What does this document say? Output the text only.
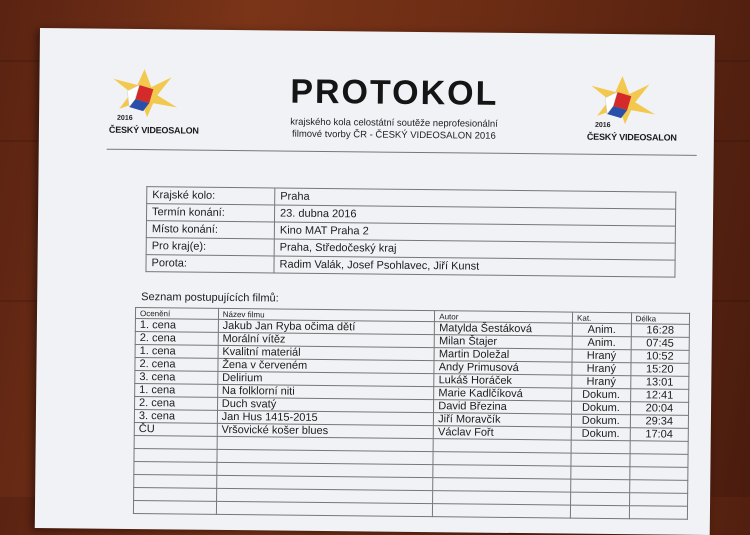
2016
ČESKÝ VIDEOSALON
PROTOKOL
krajského kola celostátní soutěže neprofesionální
filmové tvorby ČR - ČESKÝ VIDEOSALON 2016
2016
ČESKÝ VIDEOSALON
Krajské kolo:	Praha
Termín konání:	23. dubna 2016
Místo konání:	Kino MAT Praha 2
Pro kraj(e):	Praha, Středočeský kraj
Porota:	Radim Valák, Josef Psohlavec, Jiří Kunst
Seznam postupujících filmů:
Ocenění	Název filmu	Autor	Kat.	Délka
1. cena	Jakub Jan Ryba očima dětí	Matylda Šestáková	Anim.	16:28
2. cena	Morální vítěz	Milan Štajer	Anim.	07:45
1. cena	Kvalitní materiál	Martin Doležal	Hraný	10:52
2. cena	Žena v červeném	Andy Primusová	Hraný	15:20
3. cena	Delirium	Lukáš Horáček	Hraný	13:01
1. cena	Na folklorní niti	Marie Kadlčíková	Dokum.	12:41
2. cena	Duch svatý	David Březina	Dokum.	20:04
3. cena	Jan Hus 1415-2015	Jiří Moravčík	Dokum.	29:34
ČU	Vršovické košer blues	Václav Fořt	Dokum.	17:04
